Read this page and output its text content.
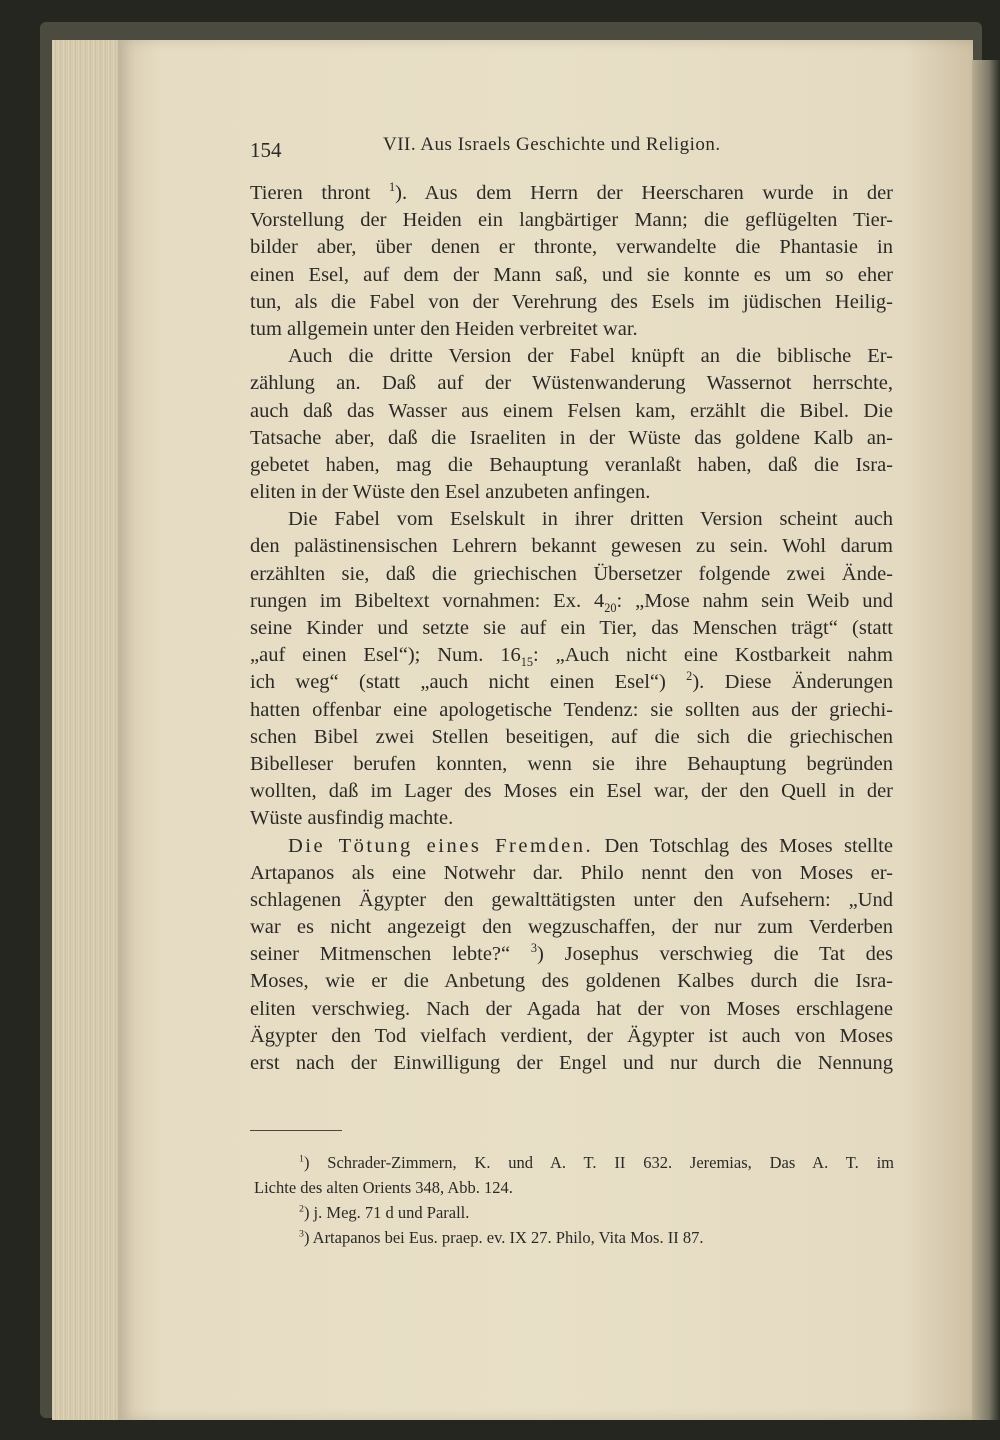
154	VII. Aus Israels Geschichte und Religion.
Tieren thront $^1$). Aus dem Herrn der Heerscharen wurde in der
Vorstellung der Heiden ein langbärtiger Mann; die geflügelten Tier-
bilder aber, über denen er thronte, verwandelte die Phantasie in
einen Esel, auf dem der Mann saß, und sie konnte es um so eher
tun, als die Fabel von der Verehrung des Esels im jüdischen Heilig-
tum allgemein unter den Heiden verbreitet war.
Auch die dritte Version der Fabel knüpft an die biblische Er-
zählung an. Daß auf der Wüstenwanderung Wassernot herrschte,
auch daß das Wasser aus einem Felsen kam, erzählt die Bibel. Die
Tatsache aber, daß die Israeliten in der Wüste das goldene Kalb an-
gebetet haben, mag die Behauptung veranlaßt haben, daß die Isra-
eliten in der Wüste den Esel anzubeten anfingen.
Die Fabel vom Eselskult in ihrer dritten Version scheint auch
den palästinensischen Lehrern bekannt gewesen zu sein. Wohl darum
erzählten sie, daß die griechischen Übersetzer folgende zwei Ände-
rungen im Bibeltext vornahmen: Ex. $4_{20}$: „Mose nahm sein Weib und
seine Kinder und setzte sie auf ein Tier, das Menschen trägt“ (statt
„auf einen Esel“); Num. $16_{15}$: „Auch nicht eine Kostbarkeit nahm
ich weg“ (statt „auch nicht einen Esel“) $^2$). Diese Änderungen
hatten offenbar eine apologetische Tendenz: sie sollten aus der griechi-
schen Bibel zwei Stellen beseitigen, auf die sich die griechischen
Bibelleser berufen konnten, wenn sie ihre Behauptung begründen
wollten, daß im Lager des Moses ein Esel war, der den Quell in der
Wüste ausfindig machte.
Die Tötung eines Fremden. Den Totschlag des Moses stellte
Artapanos als eine Notwehr dar. Philo nennt den von Moses er-
schlagenen Ägypter den gewalttätigsten unter den Aufsehern: „Und
war es nicht angezeigt den wegzuschaffen, der nur zum Verderben
seiner Mitmenschen lebte?“ $^3$) Josephus verschwieg die Tat des
Moses, wie er die Anbetung des goldenen Kalbes durch die Isra-
eliten verschwieg. Nach der Agada hat der von Moses erschlagene
Ägypter den Tod vielfach verdient, der Ägypter ist auch von Moses
erst nach der Einwilligung der Engel und nur durch die Nennung
$^1$) Schrader-Zimmern, K. und A. T. II 632. Jeremias, Das A. T. im
Lichte des alten Orients 348, Abb. 124.
$^2$) j. Meg. 71 d und Parall.
$^3$) Artapanos bei Eus. praep. ev. IX 27. Philo, Vita Mos. II 87.
